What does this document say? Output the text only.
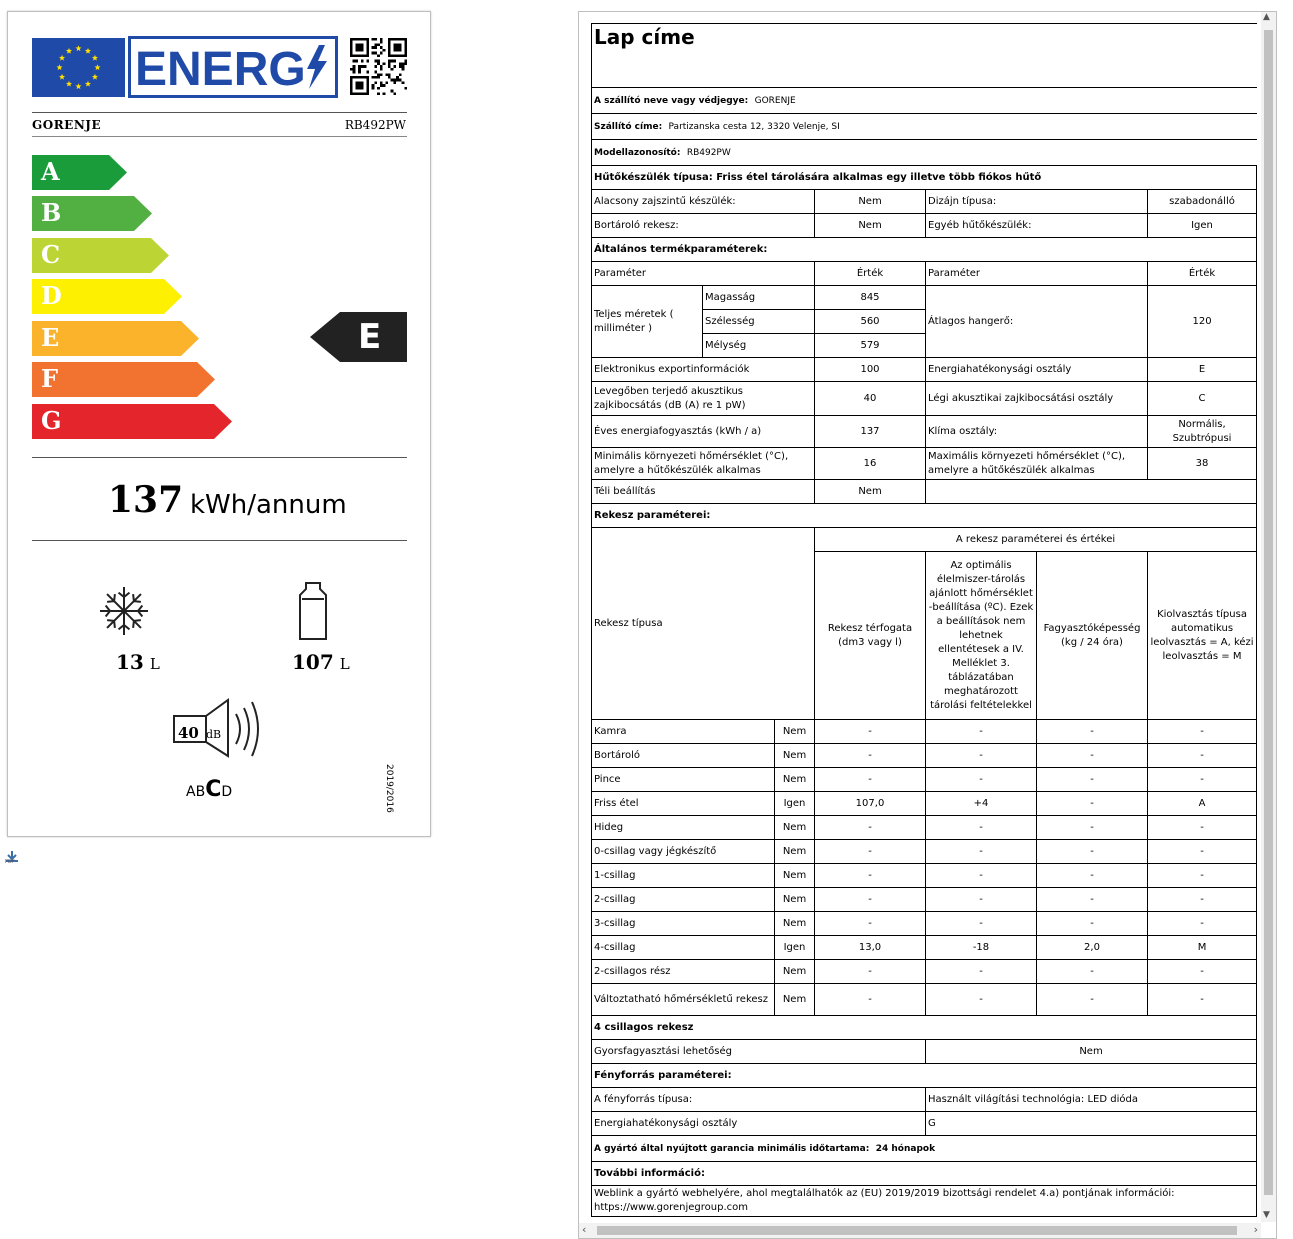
ENERG
GORENJE	RB492PW
A
B
C
D
E
F
G
E
137 kWh/annum
13 L	107 L
40 dB
ABCD	2019/2016
PDF
Lap címe						
A szállító neve vagy védjegye: GORENJE						
Szállító címe: Partizanska cesta 12, 3320 Velenje, SI						
Modellazonosító: RB492PW						
Hűtőkészülék típusa: Friss étel tárolására alkalmas egy illetve több fiókos hűtő						
Alacsony zajszintű készülék:			Nem	Dizájn típusa:		szabadonálló
Bortároló rekesz:			Nem	Egyéb hűtőkészülék:		Igen
Általános termékparaméterek:						
Paraméter			Érték	Paraméter		Érték
Teljes méretek ( milliméter )	Magasság		845	Átlagos hangerő:		120
	Szélesség		560			
	Mélység		579			
Elektronikus exportinformációk			100	Energiahatékonysági osztály		E
Levegőben terjedő akusztikus zajkibocsátás (dB (A) re 1 pW)			40	Légi akusztikai zajkibocsátási osztály		C
Éves energiafogyasztás (kWh / a)			137	Klíma osztály:		Normális, Szubtrópusi
Minimális környezeti hőmérséklet (°C), amelyre a hűtőkészülék alkalmas			16	Maximális környezeti hőmérséklet (°C), amelyre a hűtőkészülék alkalmas		38
Téli beállítás			Nem			
Rekesz paraméterei:						
Rekesz típusa			A rekesz paraméterei és értékei			
			Rekesz térfogata (dm3 vagy l)	Az optimális élelmiszer-tárolás ajánlott hőmérséklet -beállítása (ºC). Ezek a beállítások nem lehetnek ellentétesek a IV. Melléklet 3. táblázatában meghatározott tárolási feltételekkel	Fagyasztóképesség (kg / 24 óra)	Kiolvasztás típusa automatikus leolvasztás = A, kézi leolvasztás = M
Kamra		Nem	-	-	-	-
Bortároló		Nem	-	-	-	-
Pince		Nem	-	-	-	-
Friss étel		Igen	107,0	+4	-	A
Hideg		Nem	-	-	-	-
0-csillag vagy jégkészítő		Nem	-	-	-	-
1-csillag		Nem	-	-	-	-
2-csillag		Nem	-	-	-	-
3-csillag		Nem	-	-	-	-
4-csillag		Igen	13,0	-18	2,0	M
2-csillagos rész		Nem	-	-	-	-
Változtatható hőmérsékletű rekesz		Nem	-	-	-	-
4 csillagos rekesz						
Gyorsfagyasztási lehetőség				Nem		
Fényforrás paraméterei:						
A fényforrás típusa:				Használt világítási technológia: LED dióda		
Energiahatékonysági osztály				G		
A gyártó által nyújtott garancia minimális időtartama: 24 hónapok						
További információ:						

Weblink a gyártó webhelyére, ahol megtalálhatók az (EU) 2019/2019 bizottsági rendelet 4.a) pontjának információi:
https://www.gorenjegroup.com						
▲
▼
‹	›
